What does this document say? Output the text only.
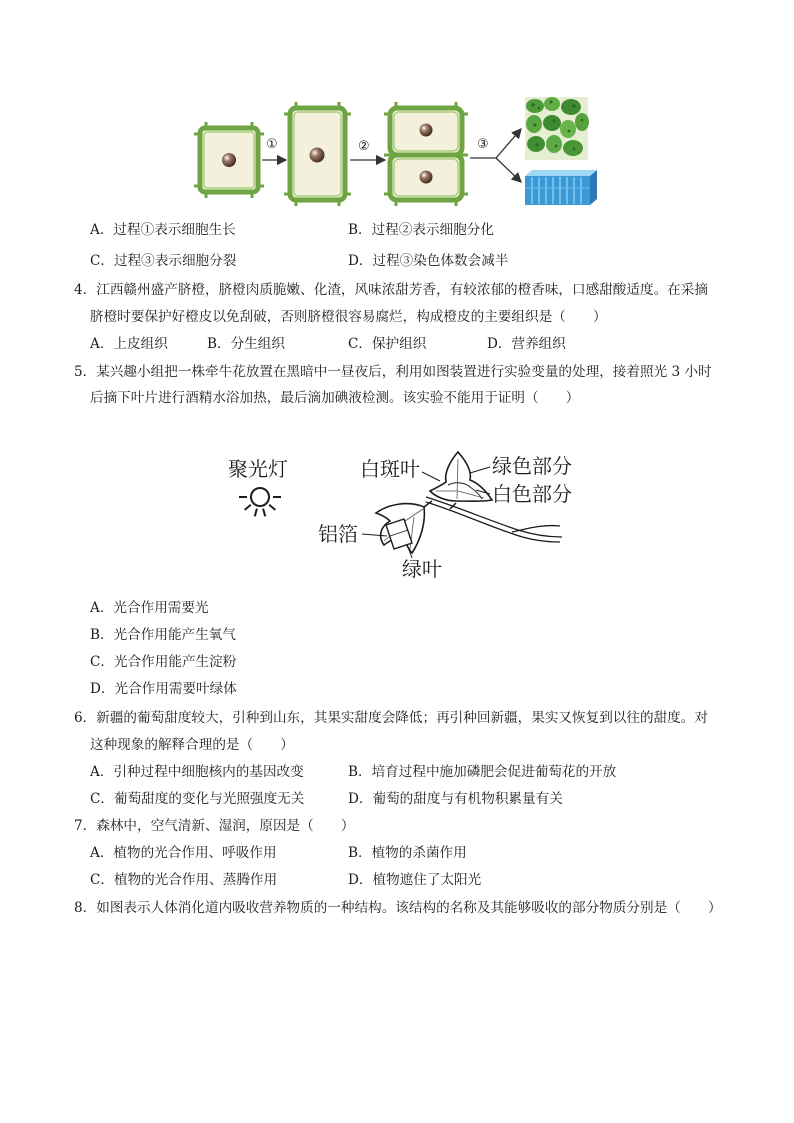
①	②	③
A．过程①表示细胞生长	B．过程②表示细胞分化
C．过程③表示细胞分裂	D．过程③染色体数会减半
4．江西赣州盛产脐橙，脐橙肉质脆嫩、化渣，风味浓甜芳香，有较浓郁的橙香味，口感甜酸适度。在采摘
脐橙时要保护好橙皮以免刮破，否则脐橙很容易腐烂，构成橙皮的主要组织是（　　）
A．上皮组织	B．分生组织	C．保护组织	D．营养组织
5．某兴趣小组把一株牵牛花放置在黑暗中一昼夜后，利用如图装置进行实验变量的处理，接着照光 3 小时
后摘下叶片进行酒精水浴加热，最后滴加碘液检测。该实验不能用于证明（　　）
聚光灯	白斑叶	绿色部分
白色部分
铝箔
绿叶
A．光合作用需要光
B．光合作用能产生氧气
C．光合作用能产生淀粉
D．光合作用需要叶绿体
6．新疆的葡萄甜度较大，引种到山东，其果实甜度会降低；再引种回新疆，果实又恢复到以往的甜度。对
这种现象的解释合理的是（　　）
A．引种过程中细胞核内的基因改变	B．培育过程中施加磷肥会促进葡萄花的开放
C．葡萄甜度的变化与光照强度无关	D．葡萄的甜度与有机物积累量有关
7．森林中，空气清新、湿润，原因是（　　）
A．植物的光合作用、呼吸作用	B．植物的杀菌作用
C．植物的光合作用、蒸腾作用	D．植物遮住了太阳光
8．如图表示人体消化道内吸收营养物质的一种结构。该结构的名称及其能够吸收的部分物质分别是（　　）
